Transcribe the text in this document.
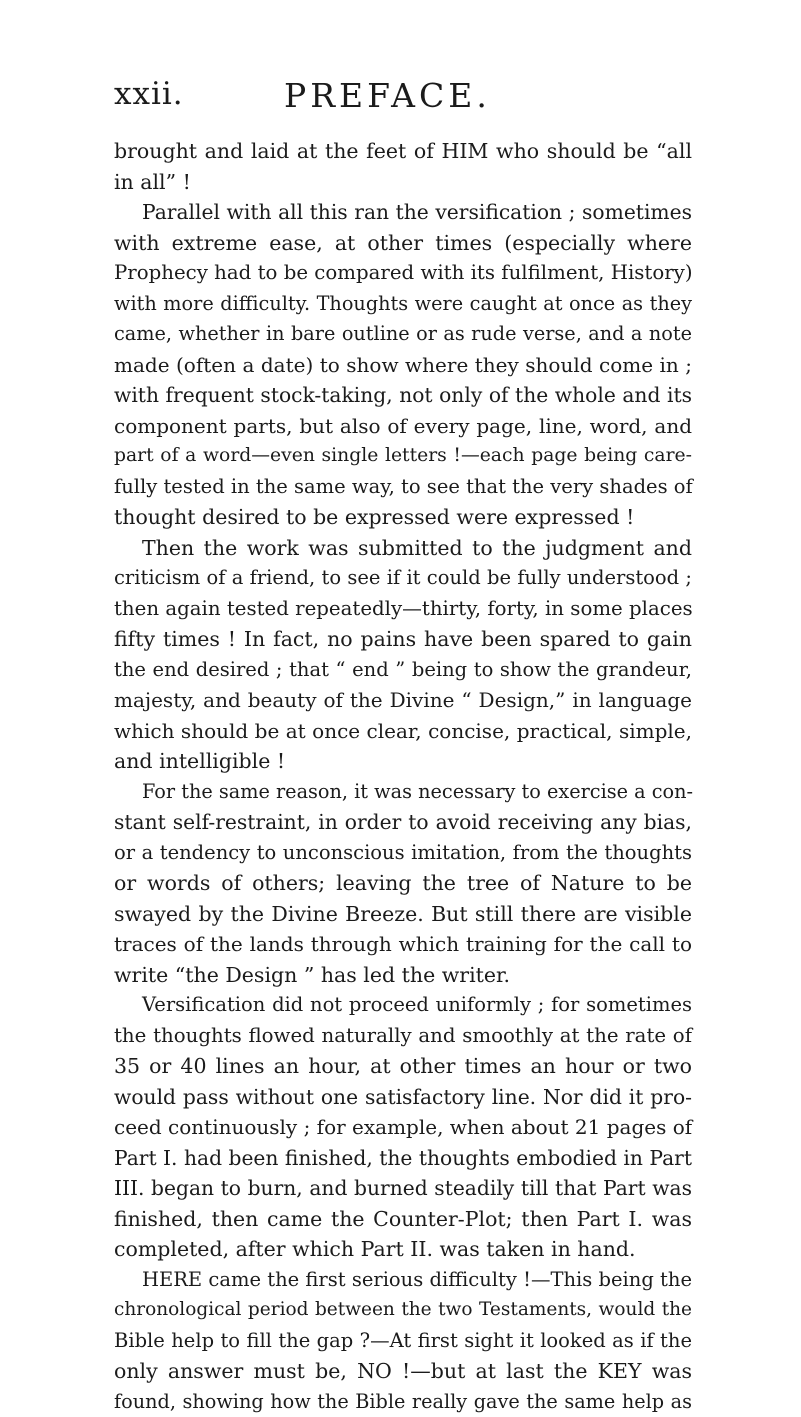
xxii.	PREFACE.
brought and laid at the feet of HIM who should be “all
in all” !
Parallel with all this ran the versification ; sometimes
with extreme ease, at other times (especially where
Prophecy had to be compared with its fulfilment, History)
with more difficulty. Thoughts were caught at once as they
came, whether in bare outline or as rude verse, and a note
made (often a date) to show where they should come in ;
with frequent stock-taking, not only of the whole and its
component parts, but also of every page, line, word, and
part of a word—even single letters !—each page being care-
fully tested in the same way, to see that the very shades of
thought desired to be expressed were expressed !
Then the work was submitted to the judgment and
criticism of a friend, to see if it could be fully understood ;
then again tested repeatedly—thirty, forty, in some places
fifty times ! In fact, no pains have been spared to gain
the end desired ; that “ end ” being to show the grandeur,
majesty, and beauty of the Divine “ Design,” in language
which should be at once clear, concise, practical, simple,
and intelligible !
For the same reason, it was necessary to exercise a con-
stant self-restraint, in order to avoid receiving any bias,
or a tendency to unconscious imitation, from the thoughts
or words of others; leaving the tree of Nature to be
swayed by the Divine Breeze. But still there are visible
traces of the lands through which training for the call to
write “the Design ” has led the writer.
Versification did not proceed uniformly ; for sometimes
the thoughts flowed naturally and smoothly at the rate of
35 or 40 lines an hour, at other times an hour or two
would pass without one satisfactory line. Nor did it pro-
ceed continuously ; for example, when about 21 pages of
Part I. had been finished, the thoughts embodied in Part
III. began to burn, and burned steadily till that Part was
finished, then came the Counter-Plot; then Part I. was
completed, after which Part II. was taken in hand.
HERE came the first serious difficulty !—This being the
chronological period between the two Testaments, would the
Bible help to fill the gap ?—At first sight it looked as if the
only answer must be, NO !—but at last the KEY was
found, showing how the Bible really gave the same help as
